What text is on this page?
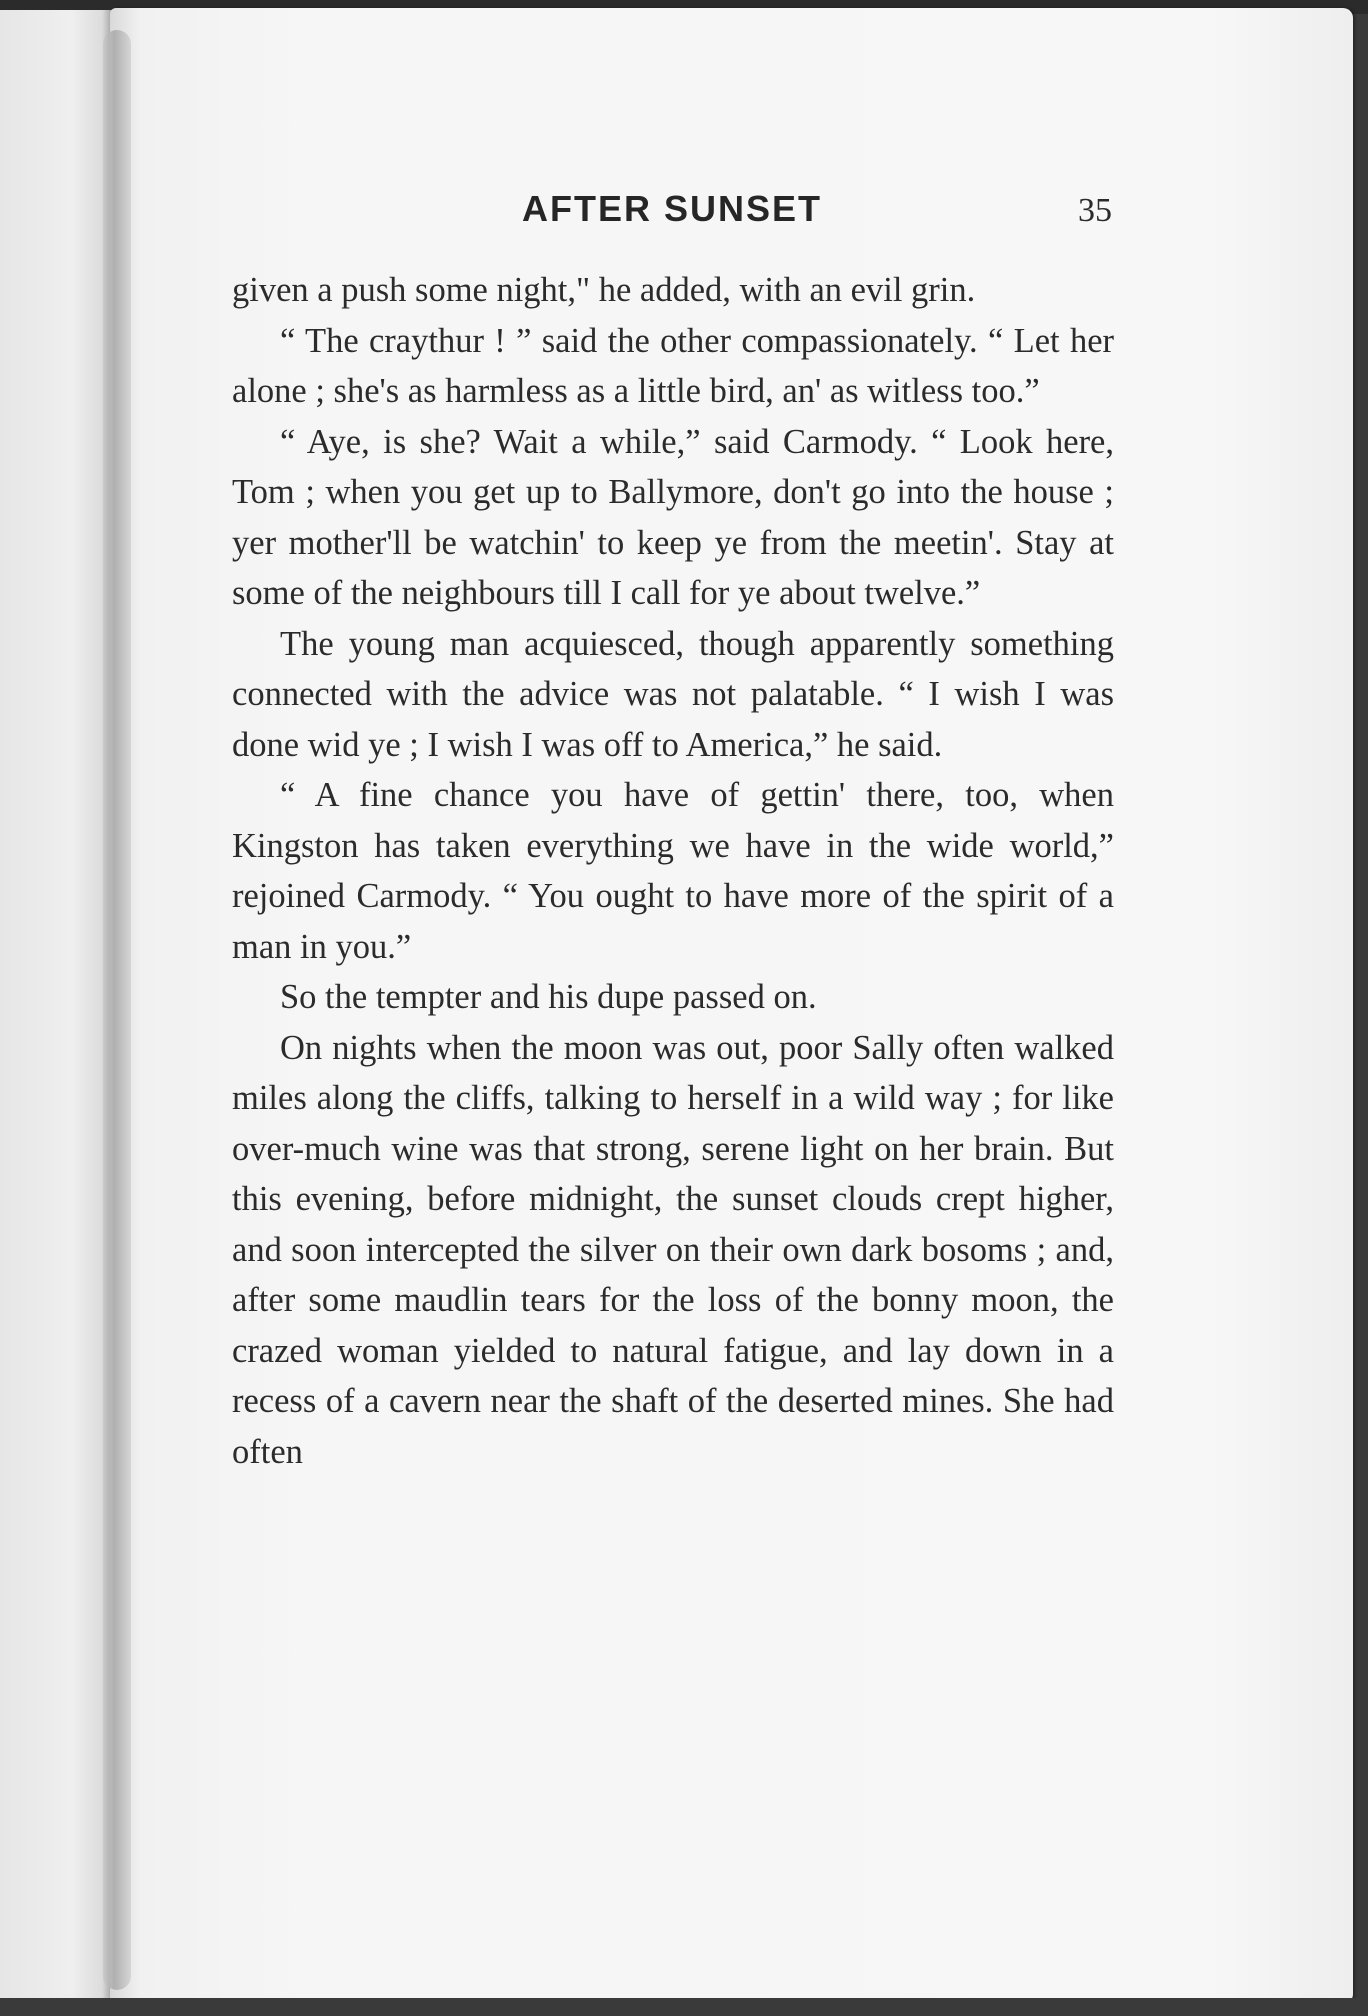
AFTER SUNSET	35

given a push some night," he added, with an evil grin.

“ The craythur ! ” said the other compassionately. “ Let her alone ; she's as harmless as a little bird, an' as witless too.”

“ Aye, is she? Wait a while,” said Carmody. “ Look here, Tom ; when you get up to Ballymore, don't go into the house ; yer mother'll be watchin' to keep ye from the meetin'. Stay at some of the neighbours till I call for ye about twelve.”

The young man acquiesced, though apparently something connected with the advice was not palatable. “ I wish I was done wid ye ; I wish I was off to America,” he said.

“ A fine chance you have of gettin' there, too, when Kingston has taken everything we have in the wide world,” rejoined Carmody. “ You ought to have more of the spirit of a man in you.”

So the tempter and his dupe passed on.

On nights when the moon was out, poor Sally often walked miles along the cliffs, talking to herself in a wild way ; for like over-much wine was that strong, serene light on her brain. But this evening, before midnight, the sunset clouds crept higher, and soon intercepted the silver on their own dark bosoms ; and, after some maudlin tears for the loss of the bonny moon, the crazed woman yielded to natural fatigue, and lay down in a recess of a cavern near the shaft of the deserted mines. She had often
